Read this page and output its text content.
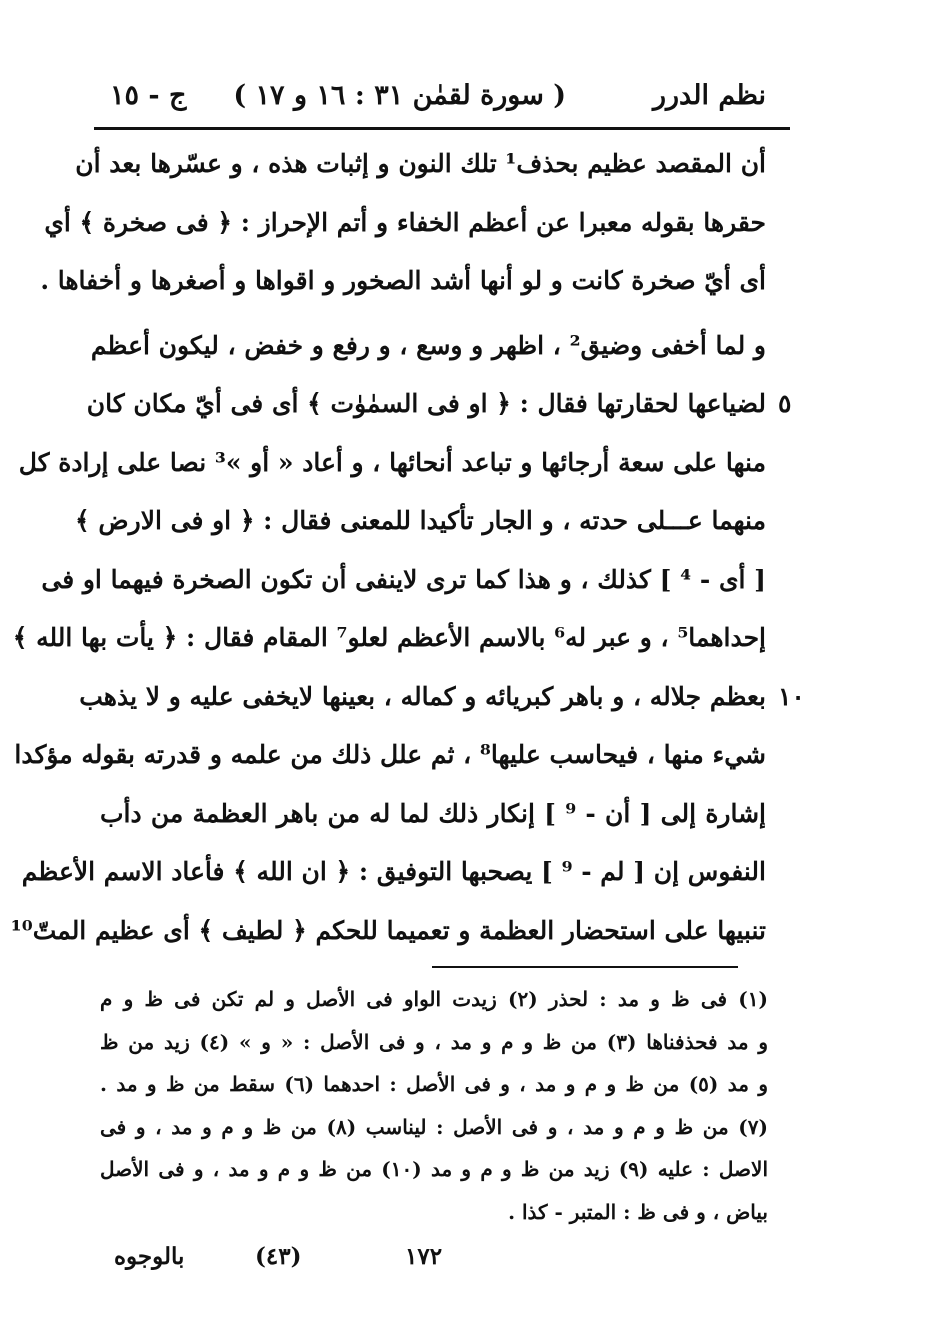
نظم الدرر
( سورة لقمٰن ٣١ : ١٦ و ١٧ )
ج - ١٥
أن المقصد عظيم بحذف¹ تلك النون و إثبات هذه ، و عسّرها بعد أن
حقرها بقوله معبرا عن أعظم الخفاء و أتم الإحراز : ﴿ فى صخرة ﴾ أي
أى أيّ صخرة كانت و لو أنها أشد الصخور و اقواها و أصغرها و أخفاها .
و لما أخفى وضيق² ، اظهر و وسع ، و رفع و خفض ، ليكون أعظم
٥
لضياعها لحقارتها فقال : ﴿ او فى السمٰوٰت ﴾ أى فى أيّ مكان كان
منها على سعة أرجائها و تباعد أنحائها ، و أعاد « أو »³ نصا على إرادة كل
منهما عـــلى حدته ، و الجار تأكيدا للمعنى فقال : ﴿ او فى الارض ﴾
[ أى - ⁴ ] كذلك ، و هذا كما ترى لاينفى أن تكون الصخرة فيهما او فى
إحداهما⁵ ، و عبر له⁶ بالاسم الأعظم لعلو⁷ المقام فقال : ﴿ يأت بها الله ﴾
١٠
بعظم جلاله ، و باهر كبريائه و كماله ، بعينها لايخفى عليه و لا يذهب
شيء منها ، فيحاسب عليها⁸ ، ثم علل ذلك من علمه و قدرته بقوله مؤكدا
إشارة إلى [ أن - ⁹ ] إنكار ذلك لما له من باهر العظمة من دأب
النفوس إن [ لم - ⁹ ] يصحبها التوفيق : ﴿ ان الله ﴾ فأعاد الاسم الأعظم
تنبيها على استحضار العظمة و تعميما للحكم ﴿ لطيف ﴾ أى عظيم المتّ¹⁰
(١) فى ظ و مد : لحذر (٢) زيدت الواو فى الأصل و لم تكن فى ظ و م
و مد فحذفناها (٣) من ظ و م و مد ، و فى الأصل : « و » (٤) زيد من ظ
و مد (٥) من ظ و م و مد ، و فى الأصل : احدهما (٦) سقط من ظ و مد .
(٧) من ظ و م و مد ، و فى الأصل : ليناسب (٨) من ظ و م و مد ، و فى
الاصل : عليه (٩) زيد من ظ و م و مد (١٠) من ظ و م و مد ، و فى الأصل
بياض ، و فى ظ : المتبر - كذا .
١٧٢
(٤٣)
بالوجوه
